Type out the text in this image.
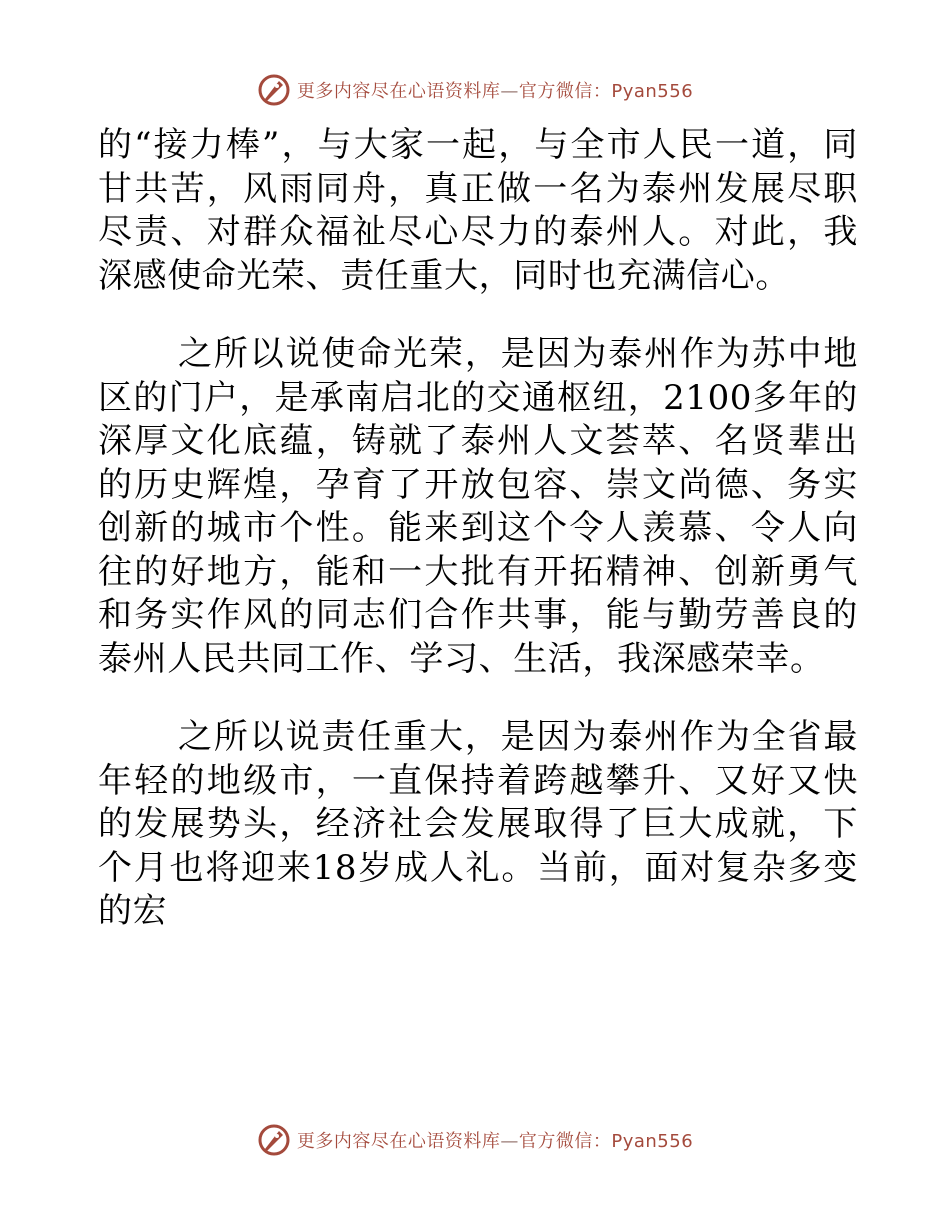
更多内容尽在心语资料库—官方微信：Pyan556

的“接力棒”，与大家一起，与全市人民一道，同甘共苦，风雨同舟，真正做一名为泰州发展尽职尽责、对群众福祉尽心尽力的泰州人。对此，我深感使命光荣、责任重大，同时也充满信心。

之所以说使命光荣，是因为泰州作为苏中地区的门户，是承南启北的交通枢纽，2100多年的深厚文化底蕴，铸就了泰州人文荟萃、名贤辈出的历史辉煌，孕育了开放包容、崇文尚德、务实创新的城市个性。能来到这个令人羡慕、令人向往的好地方，能和一大批有开拓精神、创新勇气和务实作风的同志们合作共事，能与勤劳善良的泰州人民共同工作、学习、生活，我深感荣幸。

之所以说责任重大，是因为泰州作为全省最年轻的地级市，一直保持着跨越攀升、又好又快的发展势头，经济社会发展取得了巨大成就，下个月也将迎来18岁成人礼。当前，面对复杂多变的宏

更多内容尽在心语资料库—官方微信：Pyan556
